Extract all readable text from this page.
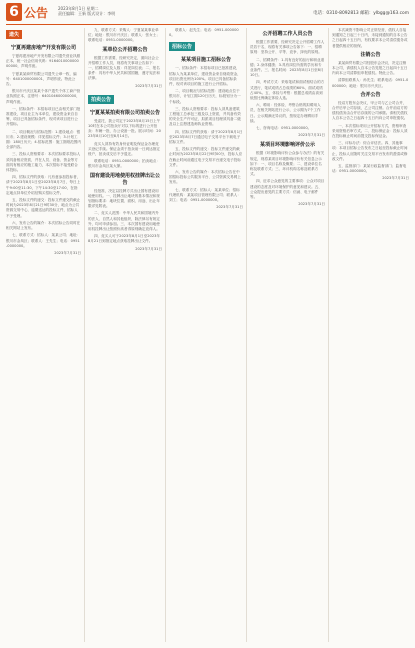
6 公告 2023年8月1日 星期二
责任编辑：王新 版式设计：李明	电话：0310-8092813 邮箱：ylbgg@163.com
遗失
宁夏再建房地产开发有限公司

宁夏再建房地产开发有限公司遗失营业执照正本，统一社会信用代码：916401000000000000，声明作废。

宁夏某某商贸有限公司遗失公章一枚，编号：6401000000001，声明作废。特此公告。

银川市兴庆区某某个体户遗失个体工商户营业执照正本，注册号：640104600000000，声明作废。

一、招标条件：本招标项目已由相关部门批准建设，项目业主为本单位，建设资金来自自筹，项目已具备招标条件，现对该项目进行公开招标。

二、项目概况与招标范围：1.建设地点：银川市；2.建设规模：详见招标文件；3.计划工期：180日历天；4.招标范围：施工图纸范围内全部内容。

三、投标人资格要求：本次招标要求投标人须具备相应资质，并在人员、设备、资金等方面具有相应的施工能力，本次招标不接受联合体投标。

四、招标文件的获取：凡有意参加投标者，请于2023年8月1日至2023年8月7日，每日上午9:00至11:30，下午14:30至17:00，在指定地点持单位介绍信购买招标文件。

五、投标文件的递交：投标文件递交的截止时间为2023年8月21日9时30分，地点为公共资源交易中心，逾期送达的投标文件，招标人不予受理。

六、发布公告的媒介：本次招标公告同时在相关网站上发布。

七、联系方式：招标人：某某公司；地址：银川市金凤区；联系人：王先生；电话：0951-0000000。

2023年7月31日

九、联系方式：采购人：宁夏某某事业单位；地址：银川市兴庆区；联系人：张女士；联系电话：0951-0000000。

某单位公开招聘公告

根据工作需要，经研究决定，面向社会公开招聘工作人员，现将有关事项公告如下：一、招聘岗位及人数：详见岗位表；二、报名条件：具有中华人民共和国国籍，遵守宪法和法律。

2023年7月31日
拍卖公告
宁夏某某拍卖有限公司拍卖公告

受委托，我公司定于2023年8月15日上午10时在本公司拍卖厅对以下标的进行公开拍卖：车辆一批、办公设备一批。展示时间：2023年8月10日至8月14日。

竞买人须持有效身份证明及保证金办理竞买登记手续。保证金须于拍卖前一日到达指定账户，拍卖成交后不予退还。

联系电话：0951-0000000；拍卖地点：银川市金凤区某大厦。

国有建设用地使用权挂牌出让公告

经批准，决定以挂牌方式出让国有建设用地使用权。一、挂牌出让地块的基本情况和规划指标要求：地块位置、面积、用途、出让年限详见附表。

二、竞买人范围：中华人民共和国境内外的法人、自然人和其他组织，除法律另有规定外，均可申请参加。三、本次国有建设用地使用权挂牌出让按照价高者得原则确定竞得人。

四、竞买人可于2023年8月1日至2023年8月21日到指定地点获取挂牌出让文件。

2023年7月31日

联系人：赵先生；电话：0951-0000000。

招标公告
某某项目施工招标公告

一、招标条件：本招标项目已批准建设，招标人为某某单位，建设资金来自财政资金，项目出资比例为100%。项目已具备招标条件，现对该项目的施工进行公开招标。

二、项目概况与招标范围：建设地点位于银川市，计划工期120日历天，标段划分为一个标段。

三、投标人资格要求：投标人须具备建筑工程施工总承包三级及以上资质，并具备有效的安全生产许可证，拟派项目经理须具备二级及以上注册建造师执业资格。

四、招标文件的获取：请于2023年8月1日至2023年8月7日通过电子交易平台下载电子招标文件。

五、投标文件的递交：投标文件递交的截止时间为2023年8月22日9时00分，投标人应在截止时间前通过电子交易平台递交电子投标文件。

六、发布公告的媒介：本次招标公告在中国招标投标公共服务平台、公共资源交易网上发布。

七、联系方式：招标人：某某单位；招标代理机构：某某项目管理有限公司；联系人：刘工；电话：0951-0000000。

2023年7月31日
公开招聘工作人员公告

根据工作需要，经研究决定公开招聘工作人员若干名，现将有关事项公告如下：一、招聘原则：坚持公开、平等、竞争、择优的原则。

二、招聘条件：1.具有良好的品行和职业道德；2.身体健康；3.具有岗位所需的学历和专业条件。三、报名时间：2023年8月1日至8月10日。

四、考试方式：采取笔试和面试相结合的方式进行，笔试成绩占总成绩的60%，面试成绩占40%。五、体检与考察：根据总成绩由高到低按比例确定体检人选。

六、聘用：经体检、考察合格的拟聘用人员，在相关网站进行公示，公示期为7个工作日。公示期满无异议的，按规定办理聘用手续。

七、咨询电话：0951-0000000。

2023年7月31日
某项目环境影响评价公示

根据《环境影响评价公众参与办法》的有关规定，现将某项目环境影响评价有关信息公示如下：一、项目名称及概要；二、建设单位名称及联系方式；三、环评机构名称及联系方式。

四、征求公众意见的主要事项：公众对项目建设的态度及对环境保护的意见和建议。五、公众提出意见的主要方式：信函、电子邮件等。

2023年7月31日

本次减资不影响公司正常经营，债权人自接到通知之日起三十日内，未接到通知的自本公告之日起四十五日内，有权要求本公司清偿债务或者提供相应的担保。

注销公告

某某商贸有限公司经股东会决议，决定注销本公司，请债权人自本公告见报之日起四十五日内向本公司清算组申报债权。特此公告。

清算组联系人：孙先生；联系电话：0951-0000000；地址：银川市兴庆区。

合并公告

经双方股东会决议，甲公司与乙公司合并，合并后甲公司存续，乙公司注销。合并前双方的债权债务由合并后存续的公司承继。请相关债权人自本公告之日起四十五日内向公司申报债权。

一、本次招标采用公开招标方式，资格审查采用资格后审方式。二、投标保证金：投标人须在投标截止时间前提交投标保证金。

三、评标办法：综合评估法。四、其他事项：本项目招标公告发布之日起至投标截止时间止，投标人应随时关注交易平台发布的澄清或修改文件。

五、监督部门：某某行政监督部门；监督电话：0951-0000000。

2023年7月31日
